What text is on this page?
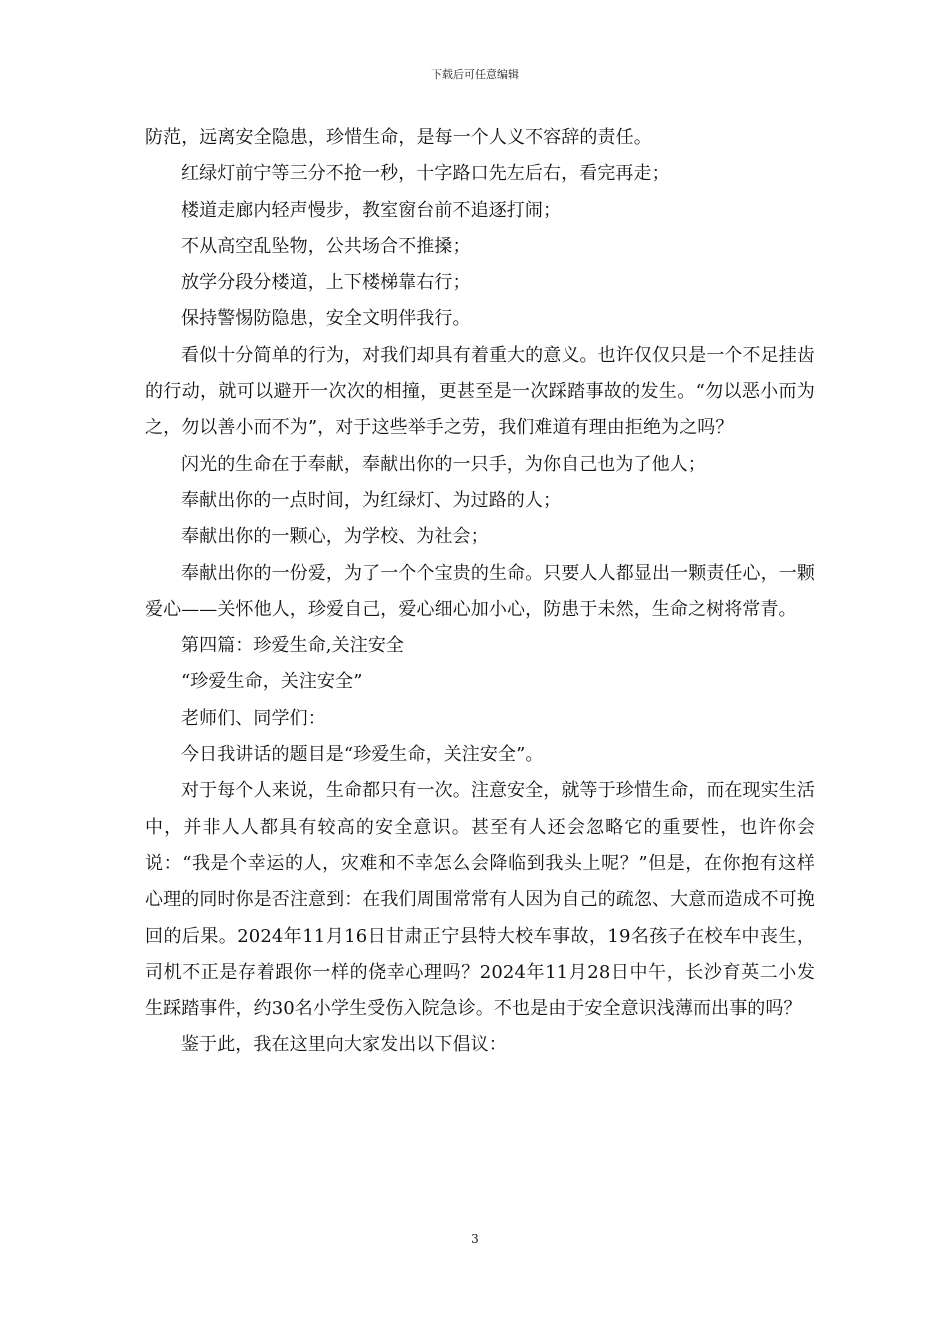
下载后可任意编辑

防范，远离安全隐患，珍惜生命，是每一个人义不容辞的责任。

红绿灯前宁等三分不抢一秒，十字路口先左后右，看完再走；

楼道走廊内轻声慢步，教室窗台前不追逐打闹；

不从高空乱坠物，公共场合不推搡；

放学分段分楼道，上下楼梯靠右行；

保持警惕防隐患，安全文明伴我行。

看似十分简单的行为，对我们却具有着重大的意义。也许仅仅只是一个不足挂齿的行动，就可以避开一次次的相撞，更甚至是一次踩踏事故的发生。“勿以恶小而为之，勿以善小而不为”，对于这些举手之劳，我们难道有理由拒绝为之吗？

闪光的生命在于奉献，奉献出你的一只手，为你自己也为了他人；

奉献出你的一点时间，为红绿灯、为过路的人；

奉献出你的一颗心，为学校、为社会；

奉献出你的一份爱，为了一个个宝贵的生命。只要人人都显出一颗责任心，一颗爱心——关怀他人，珍爱自己，爱心细心加小心，防患于未然，生命之树将常青。

第四篇：珍爱生命,关注安全

“珍爱生命，关注安全”

老师们、同学们：

今日我讲话的题目是“珍爱生命，关注安全”。

对于每个人来说，生命都只有一次。注意安全，就等于珍惜生命，而在现实生活中，并非人人都具有较高的安全意识。甚至有人还会忽略它的重要性，也许你会说：“我是个幸运的人，灾难和不幸怎么会降临到我头上呢？”但是，在你抱有这样心理的同时你是否注意到：在我们周围常常有人因为自己的疏忽、大意而造成不可挽回的后果。2024年11月16日甘肃正宁县特大校车事故，19名孩子在校车中丧生，司机不正是存着跟你一样的侥幸心理吗？2024年11月28日中午，长沙育英二小发生踩踏事件，约30名小学生受伤入院急诊。不也是由于安全意识浅薄而出事的吗？

鉴于此，我在这里向大家发出以下倡议：

3
